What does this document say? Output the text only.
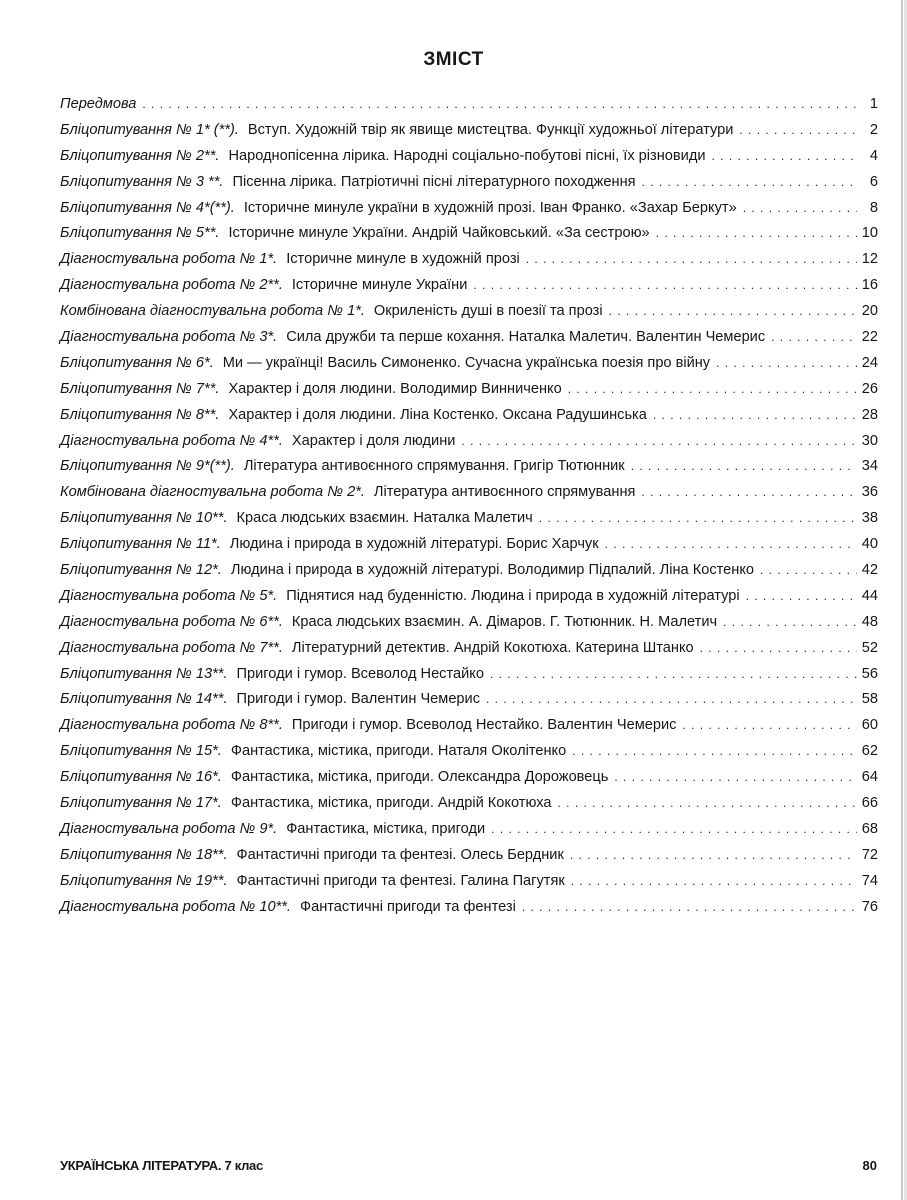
ЗМІСТ
Передмова . . .	1
Бліцопитування № 1* (**). Вступ. Художній твір як явище мистецтва. Функції художньої літератури . . .	2
Бліцопитування № 2**. Народнопісенна лірика. Народні соціально-побутові пісні, їх різновиди . . .	4
Бліцопитування № 3 **. Пісенна лірика. Патріотичні пісні літературного походження . . .	6
Бліцопитування № 4*(**). Історичне минуле україни в художній прозі. Іван Франко. «Захар Беркут» . . .	8
Бліцопитування № 5**. Історичне минуле України. Андрій Чайковський. «За сестрою» . . .	10
Діагностувальна робота № 1*. Історичне минуле в художній прозі . . .	12
Діагностувальна робота № 2**. Історичне минуле України . . .	16
Комбінована діагностувальна робота № 1*. Окриленість душі в поезії та прозі . . .	20
Діагностувальна робота № 3*. Сила дружби та перше кохання. Наталка Малетич. Валентин Чемерис . . .	22
Бліцопитування № 6*. Ми — українці! Василь Симоненко. Сучасна українська поезія про війну . . .	24
Бліцопитування № 7**. Характер і доля людини. Володимир Винниченко . . .	26
Бліцопитування № 8**. Характер і доля людини. Ліна Костенко. Оксана Радушинська . . .	28
Діагностувальна робота № 4**. Характер і доля людини . . .	30
Бліцопитування № 9*(**). Література антивоєнного спрямування. Григір Тютюнник . . .	34
Комбінована діагностувальна робота № 2*. Література антивоєнного спрямування . . .	36
Бліцопитування № 10**. Краса людських взаємин. Наталка Малетич . . .	38
Бліцопитування № 11*. Людина і природа в художній літературі. Борис Харчук . . .	40
Бліцопитування № 12*. Людина і природа в художній літературі. Володимир Підпалий. Ліна Костенко . . .	42
Діагностувальна робота № 5*. Піднятися над буденністю. Людина і природа в художній літературі . . .	44
Діагностувальна робота № 6**. Краса людських взаємин. А. Дімаров. Г. Тютюнник. Н. Малетич . . .	48
Діагностувальна робота № 7**. Літературний детектив. Андрій Кокотюха. Катерина Штанко . . .	52
Бліцопитування № 13**. Пригоди і гумор. Всеволод Нестайко . . .	56
Бліцопитування № 14**. Пригоди і гумор. Валентин Чемерис . . .	58
Діагностувальна робота № 8**. Пригоди і гумор. Всеволод Нестайко. Валентин Чемерис . . .	60
Бліцопитування № 15*. Фантастика, містика, пригоди. Наталя Околітенко . . .	62
Бліцопитування № 16*. Фантастика, містика, пригоди. Олександра Дорожовець . . .	64
Бліцопитування № 17*. Фантастика, містика, пригоди. Андрій Кокотюха . . .	66
Діагностувальна робота № 9*. Фантастика, містика, пригоди . . .	68
Бліцопитування № 18**. Фантастичні пригоди та фентезі. Олесь Бердник . . .	72
Бліцопитування № 19**. Фантастичні пригоди та фентезі. Галина Пагутяк . . .	74
Діагностувальна робота № 10**. Фантастичні пригоди та фентезі . . .	76
УКРАЇНСЬКА ЛІТЕРАТУРА. 7 клас	80
